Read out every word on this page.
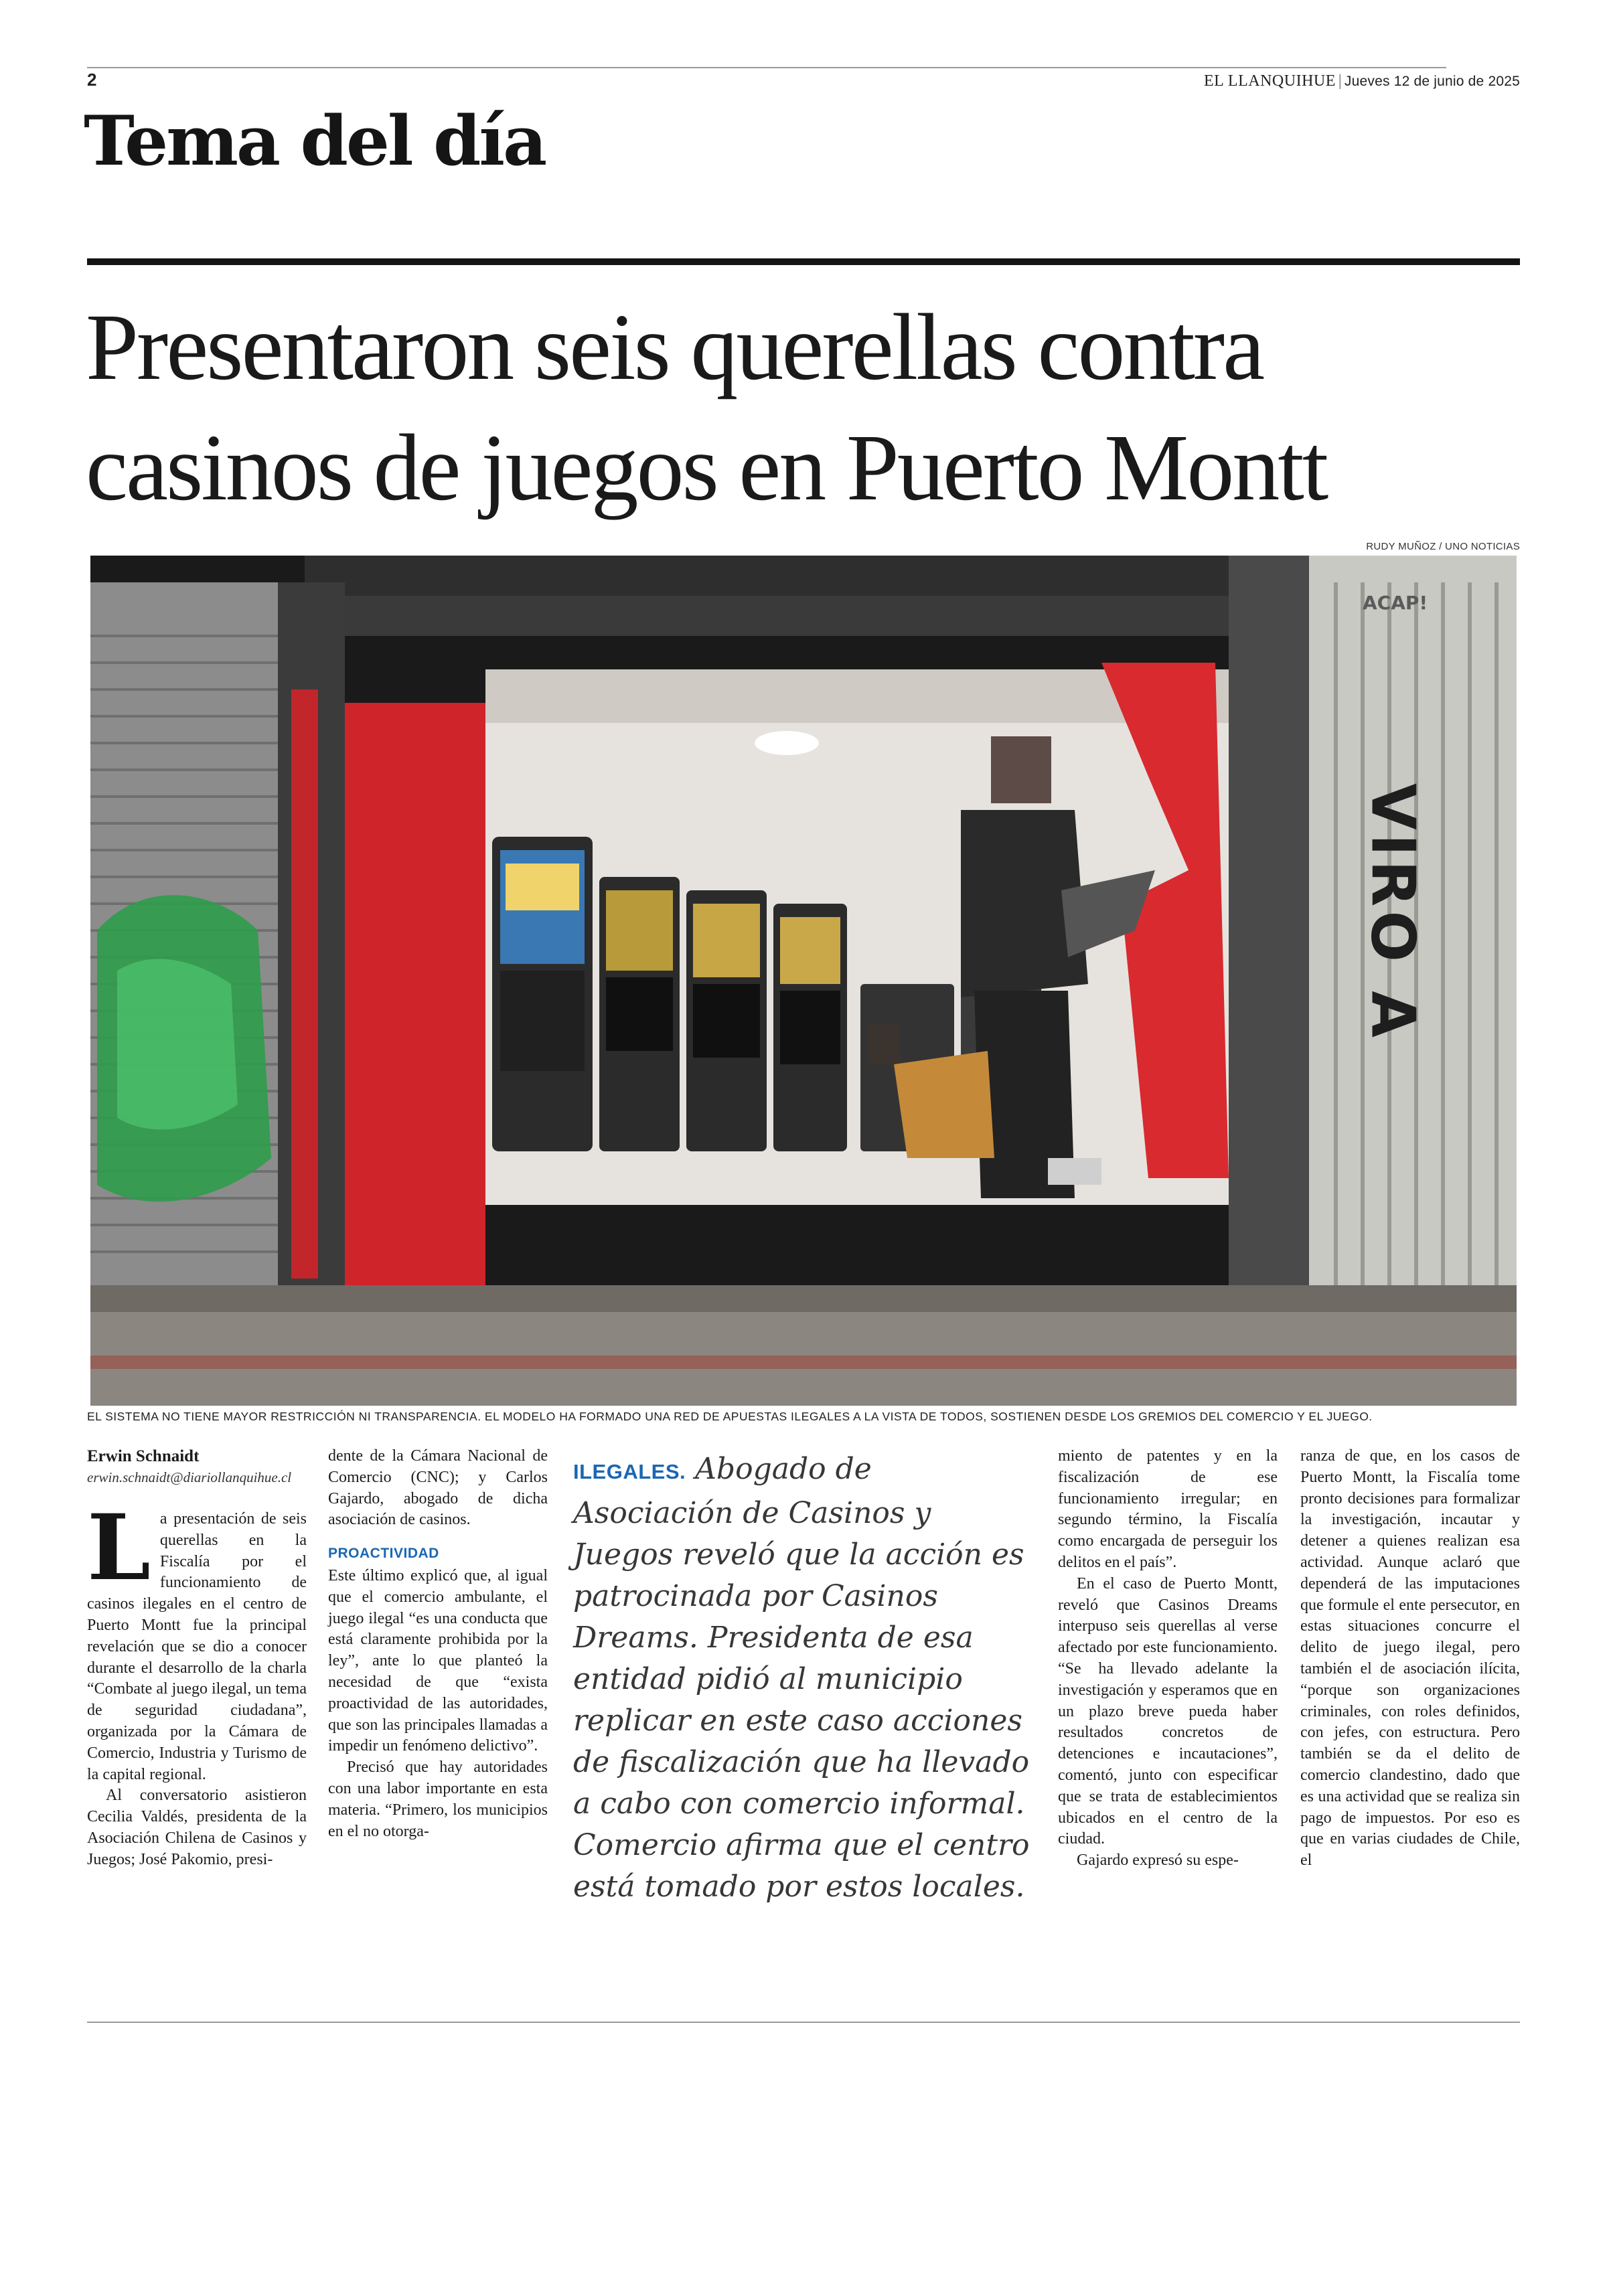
2	EL LLANQUIHUE | Jueves 12 de junio de 2025
Tema del día
Presentaron seis querellas contra
casinos de juegos en Puerto Montt
RUDY MUÑOZ / UNO NOTICIAS
ACAP!
VIRO A
EL SISTEMA NO TIENE MAYOR RESTRICCIÓN NI TRANSPARENCIA. EL MODELO HA FORMADO UNA RED DE APUESTAS ILEGALES A LA VISTA DE TODOS, SOSTIENEN DESDE LOS GREMIOS DEL COMERCIO Y EL JUEGO.

Erwin Schnaidt

erwin.schnaidt@diariollanquihue.cl

La presentación de seis querellas en la Fiscalía por el funcionamiento de casinos ilegales en el centro de Puerto Montt fue la principal revelación que se dio a conocer durante el desarrollo de la charla “Combate al juego ilegal, un tema de seguridad ciudadana”, organizada por la Cámara de Comercio, Industria y Turismo de la capital regional.

Al conversatorio asistieron Cecilia Valdés, presidenta de la Asociación Chilena de Casinos y Juegos; José Pakomio, presi-

dente de la Cámara Nacional de Comercio (CNC); y Carlos Gajardo, abogado de dicha asociación de casinos.

PROACTIVIDAD

Este último explicó que, al igual que el comercio ambulante, el juego ilegal “es una conducta que está claramente prohibida por la ley”, ante lo que planteó la necesidad de que “exista proactividad de las autoridades, que son las principales llamadas a impedir un fenómeno delictivo”.

Precisó que hay autoridades con una labor importante en esta materia. “Primero, los municipios en el no otorga-

ILEGALES. Abogado de Asociación de Casinos y Juegos reveló que la acción es patrocinada por Casinos Dreams. Presidenta de esa entidad pidió al municipio replicar en este caso acciones de fiscalización que ha llevado a cabo con comercio informal. Comercio afirma que el centro está tomado por estos locales.

miento de patentes y en la fiscalización de ese funcionamiento irregular; en segundo término, la Fiscalía como encargada de perseguir los delitos en el país”.

En el caso de Puerto Montt, reveló que Casinos Dreams interpuso seis querellas al verse afectado por este funcionamiento. “Se ha llevado adelante la investigación y esperamos que en un plazo breve pueda haber resultados concretos de detenciones e incautaciones”, comentó, junto con especificar que se trata de establecimientos ubicados en el centro de la ciudad.

Gajardo expresó su espe-

ranza de que, en los casos de Puerto Montt, la Fiscalía tome pronto decisiones para formalizar la investigación, incautar y detener a quienes realizan esa actividad. Aunque aclaró que dependerá de las imputaciones que formule el ente persecutor, en estas situaciones concurre el delito de juego ilegal, pero también el de asociación ilícita, “porque son organizaciones criminales, con roles definidos, con jefes, con estructura. Pero también se da el delito de comercio clandestino, dado que es una actividad que se realiza sin pago de impuestos. Por eso es que en varias ciudades de Chile, el
